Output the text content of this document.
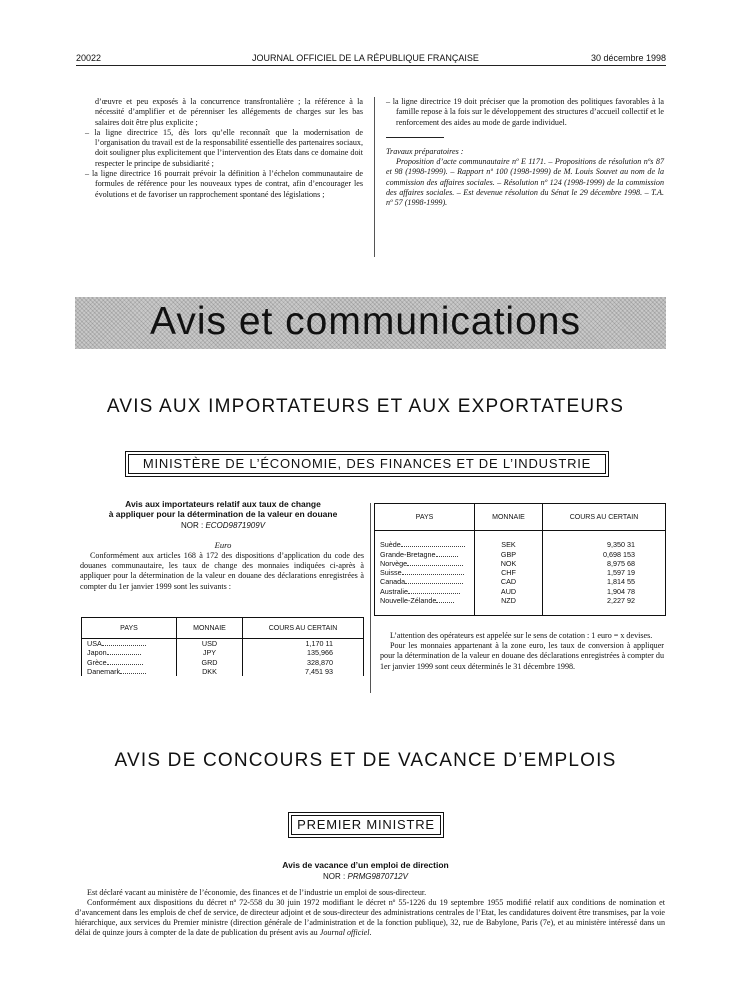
20022	JOURNAL OFFICIEL DE LA RÉPUBLIQUE FRANÇAISE	30 décembre 1998

d’œuvre et peu exposés à la concurrence transfrontalière ; la référence à la nécessité d’amplifier et de pérenniser les allégements de charges sur les bas salaires doit être plus explicite ;

– la ligne directrice 15, dès lors qu’elle reconnaît que la modernisation de l’organisation du travail est de la responsabilité essentielle des partenaires sociaux, doit souligner plus explicitement que l’intervention des Etats dans ce domaine doit respecter le principe de subsidiarité ;

– la ligne directrice 16 pourrait prévoir la définition à l’échelon communautaire de formules de référence pour les nouveaux types de contrat, afin d’encourager les évolutions et de favoriser un rapprochement spontané des législations ;

– la ligne directrice 19 doit préciser que la promotion des politiques favorables à la famille repose à la fois sur le développement des structures d’accueil collectif et le renforcement des aides au mode de garde individuel.

Travaux préparatoires :

Proposition d’acte communautaire nº E 1171. – Propositions de résolution nºs 87 et 98 (1998-1999). – Rapport nº 100 (1998-1999) de M. Louis Souvet au nom de la commission des affaires sociales. – Résolution nº 124 (1998-1999) de la commission des affaires sociales. – Est devenue résolution du Sénat le 29 décembre 1998. – T.A. nº 57 (1998-1999).

Avis et communications
AVIS AUX IMPORTATEURS ET AUX EXPORTATEURS
MINISTÈRE DE L’ÉCONOMIE, DES FINANCES ET DE L’INDUSTRIE
Avis aux importateurs relatif aux taux de change
à appliquer pour la détermination de la valeur en douane
NOR : ECOD9871909V
Euro
Conformément aux articles 168 à 172 des dispositions d’application du code des douanes communautaire, les taux de change des monnaies indiquées ci-après à appliquer pour la détermination de la valeur en douane des déclarations enregistrées à compter du 1er janvier 1999 sont les suivants :
PAYS	MONNAIE	COURS AU CERTAIN
USA	USD	1,170 11
Japon	JPY	135,966
Grèce	GRD	328,870
Danemark	DKK	7,451 93
PAYS	MONNAIE	COURS AU CERTAIN

Suède	SEK	9,350 31
Grande-Bretagne	GBP	0,698 153
Norvège	NOK	8,975 68
Suisse	CHF	1,597 19
Canada	CAD	1,814 55
Australie	AUD	1,904 78
Nouvelle-Zélande	NZD	2,227 92

L’attention des opérateurs est appelée sur le sens de cotation : 1 euro = x devises.

Pour les monnaies appartenant à la zone euro, les taux de conversion à appliquer pour la détermination de la valeur en douane des déclarations enregistrées à compter du 1er janvier 1999 sont ceux déterminés le 31 décembre 1998.

AVIS DE CONCOURS ET DE VACANCE D’EMPLOIS
PREMIER MINISTRE
Avis de vacance d’un emploi de direction
NOR : PRMG9870712V

Est déclaré vacant au ministère de l’économie, des finances et de l’industrie un emploi de sous-directeur.

Conformément aux dispositions du décret nº 72-558 du 30 juin 1972 modifiant le décret nº 55-1226 du 19 septembre 1955 modifié relatif aux conditions de nomination et d’avancement dans les emplois de chef de service, de directeur adjoint et de sous-directeur des administrations centrales de l’Etat, les candidatures doivent être transmises, par la voie hiérarchique, aux services du Premier ministre (direction générale de l’administration et de la fonction publique), 32, rue de Babylone, Paris (7e), et au ministère intéressé dans un délai de quinze jours à compter de la date de publication du présent avis au Journal officiel.
